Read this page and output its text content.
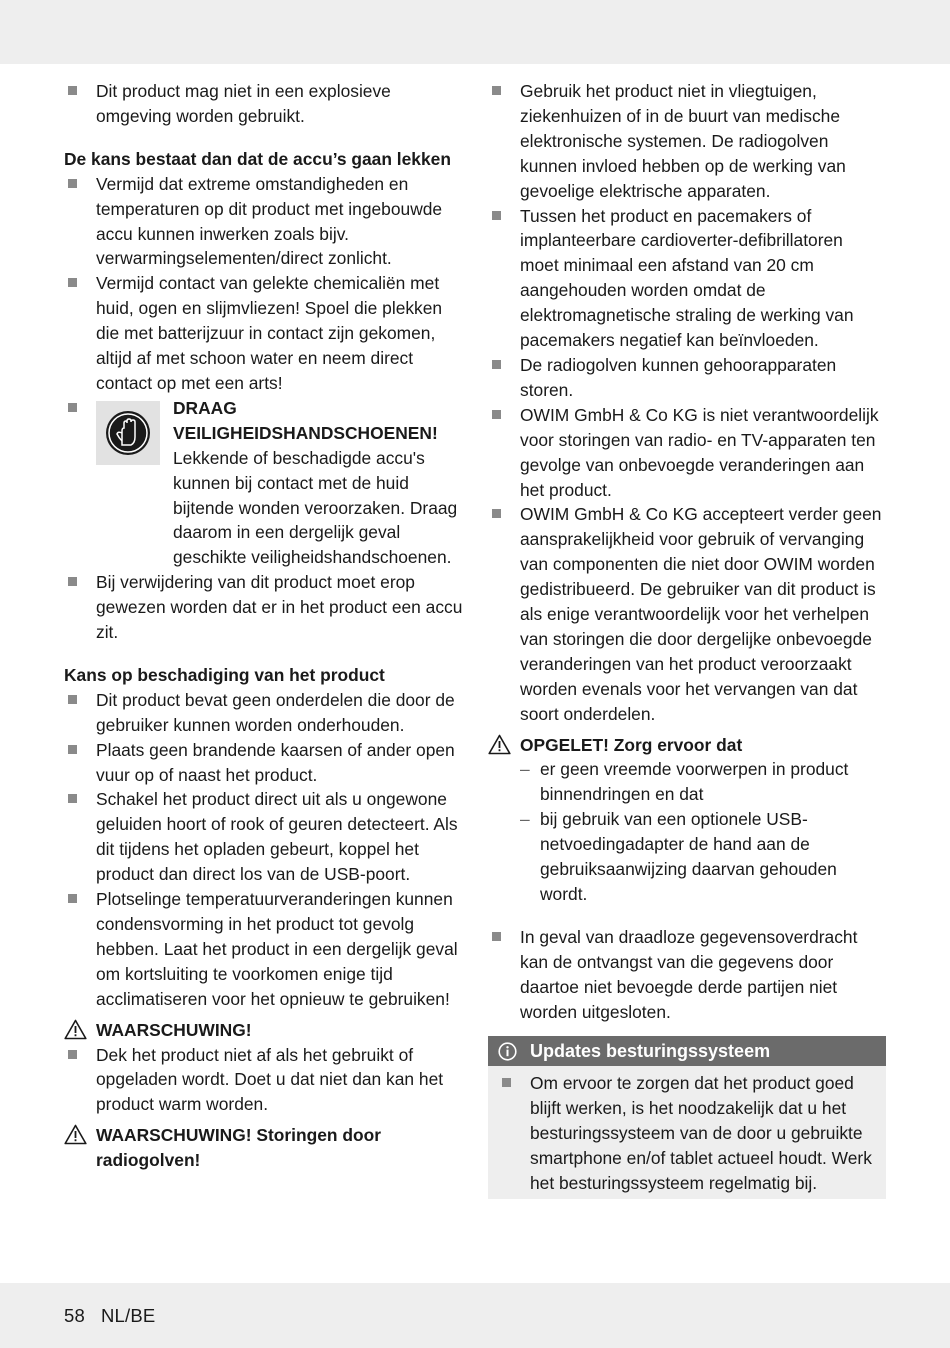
Dit product mag niet in een explosieve omgeving worden gebruikt.
De kans bestaat dan dat de accu’s gaan lekken
Vermijd dat extreme omstandigheden en temperaturen op dit product met ingebouwde accu kunnen inwerken zoals bijv. verwarmingselementen/direct zonlicht.
Vermijd contact van gelekte chemicaliën met huid, ogen en slijmvliezen! Spoel die plekken die met batterijzuur in contact zijn gekomen, altijd af met schoon water en neem direct contact op met een arts!
DRAAG VEILIGHEIDSHANDSCHOENEN!
Lekkende of beschadigde accu's kunnen bij contact met de huid bijtende wonden veroorzaken. Draag daarom in een dergelijk geval geschikte veiligheidshandschoenen.
Bij verwijdering van dit product moet erop gewezen worden dat er in het product een accu zit.
Kans op beschadiging van het product
Dit product bevat geen onderdelen die door de gebruiker kunnen worden onderhouden.
Plaats geen brandende kaarsen of ander open vuur op of naast het product.
Schakel het product direct uit als u ongewone geluiden hoort of rook of geuren detecteert. Als dit tijdens het opladen gebeurt, koppel het product dan direct los van de USB-poort.
Plotselinge temperatuurveranderingen kunnen condensvorming in het product tot gevolg hebben. Laat het product in een dergelijk geval om kortsluiting te voorkomen enige tijd acclimatiseren voor het opnieuw te gebruiken!
WAARSCHUWING!
Dek het product niet af als het gebruikt of opgeladen wordt. Doet u dat niet dan kan het product warm worden.
WAARSCHUWING! Storingen door radiogolven!
Gebruik het product niet in vliegtuigen, ziekenhuizen of in de buurt van medische elektronische systemen. De radiogolven kunnen invloed hebben op de werking van gevoelige elektrische apparaten.
Tussen het product en pacemakers of implanteerbare cardioverter-defibrillatoren moet minimaal een afstand van 20 cm aangehouden worden omdat de elektromagnetische straling de werking van pacemakers negatief kan beïnvloeden.
De radiogolven kunnen gehoorapparaten storen.
OWIM GmbH & Co KG is niet verantwoordelijk voor storingen van radio- en TV-apparaten ten gevolge van onbevoegde veranderingen aan het product.
OWIM GmbH & Co KG accepteert verder geen aansprakelijkheid voor gebruik of vervanging van componenten die niet door OWIM worden gedistribueerd. De gebruiker van dit product is als enige verantwoordelijk voor het verhelpen van storingen die door dergelijke onbevoegde veranderingen van het product veroorzaakt worden evenals voor het vervangen van dat soort onderdelen.
OPGELET! Zorg ervoor dat
– er geen vreemde voorwerpen in product binnendringen en dat
– bij gebruik van een optionele USB-netvoedingadapter de hand aan de gebruiksaanwijzing daarvan gehouden wordt.
In geval van draadloze gegevensoverdracht kan de ontvangst van die gegevens door daartoe niet bevoegde derde partijen niet worden uitgesloten.
Updates besturingssysteem
Om ervoor te zorgen dat het product goed blijft werken, is het noodzakelijk dat u het besturingssysteem van de door u gebruikte smartphone en/of tablet actueel houdt. Werk het besturingssysteem regelmatig bij.
58   NL/BE
